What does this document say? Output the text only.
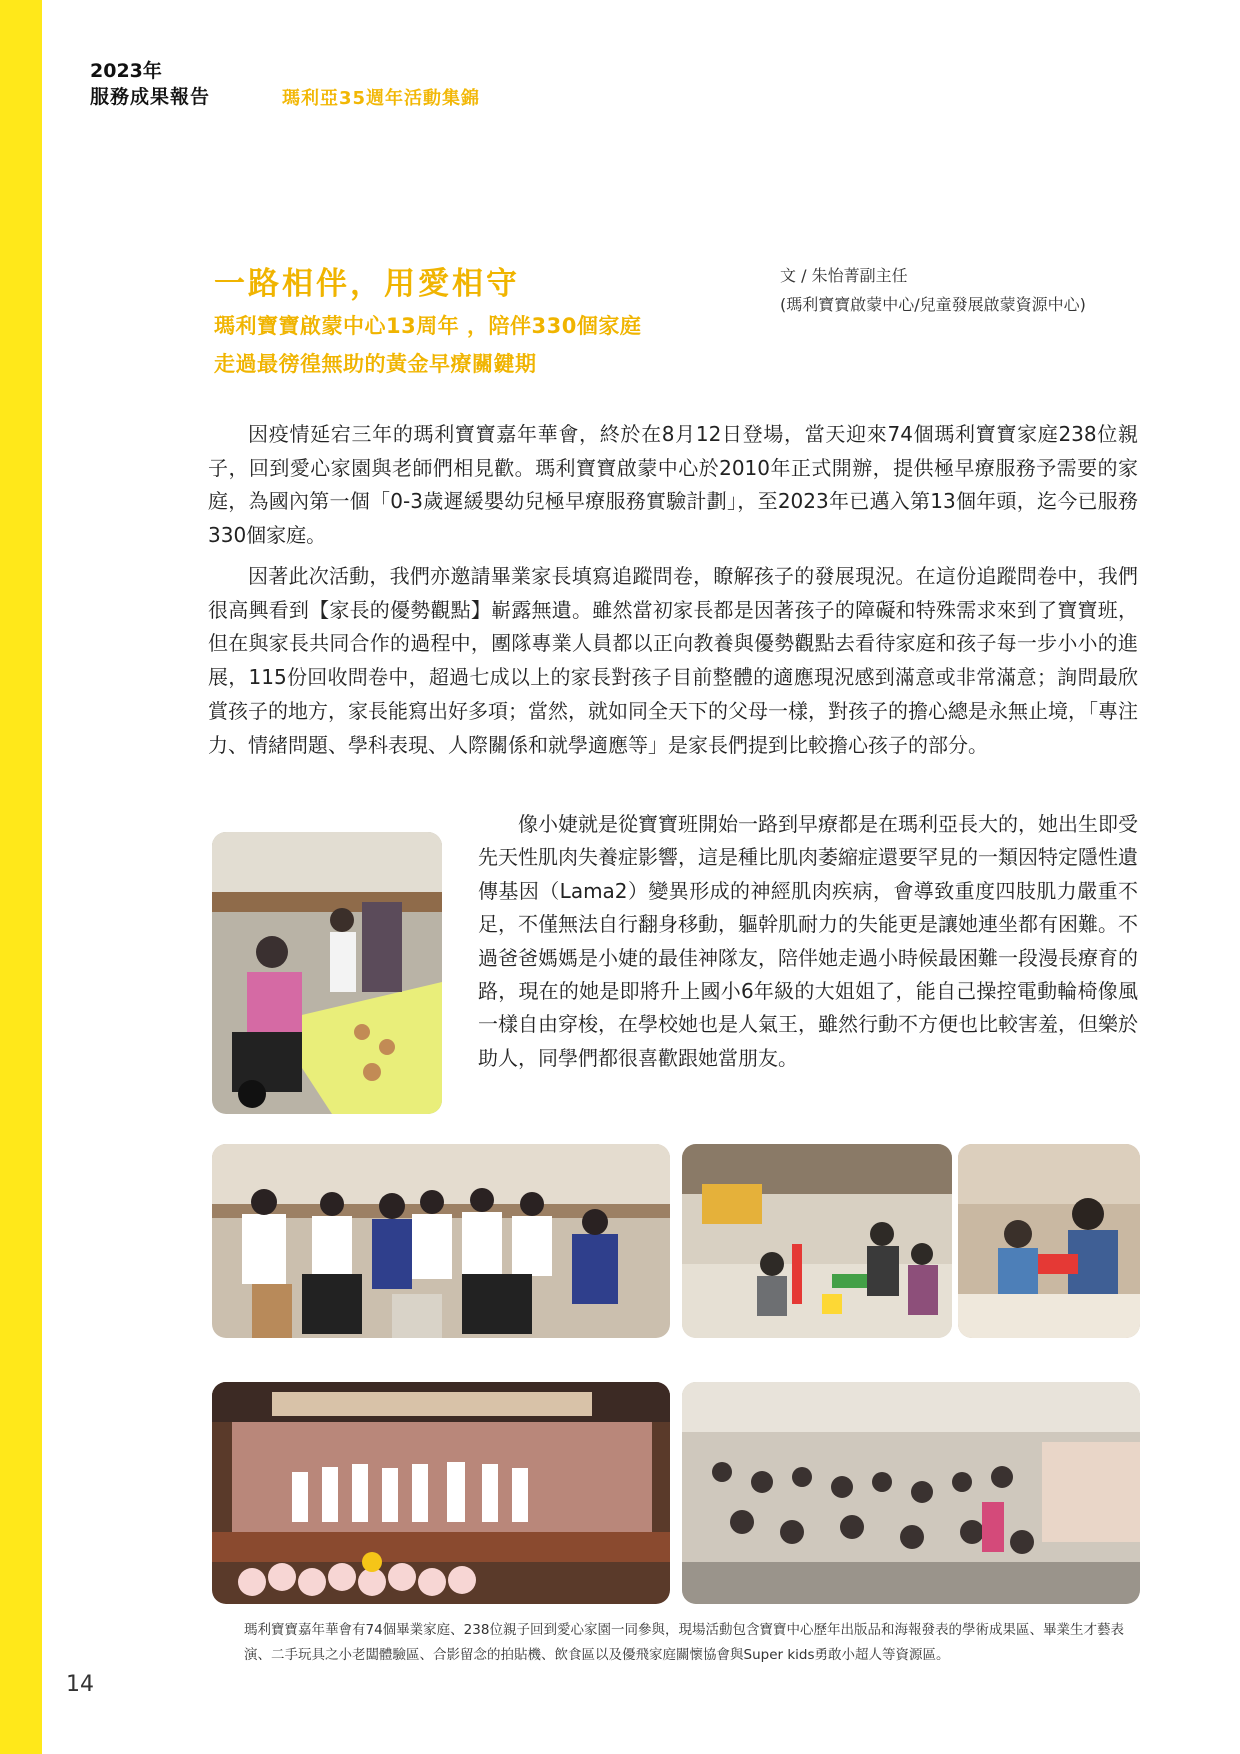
2023年
服務成果報告	瑪利亞35週年活動集錦
一路相伴，用愛相守
瑪利寶寶啟蒙中心13周年 ，陪伴330個家庭
走過最徬徨無助的黃金早療關鍵期
文 / 朱怡菁副主任
(瑪利寶寶啟蒙中心/兒童發展啟蒙資源中心)

因疫情延宕三年的瑪利寶寶嘉年華會，終於在8月12日登場，當天迎來74個瑪利寶寶家庭238位親子，回到愛心家園與老師們相見歡。瑪利寶寶啟蒙中心於2010年正式開辦，提供極早療服務予需要的家庭，為國內第一個「0-3歲遲緩嬰幼兒極早療服務實驗計劃」，至2023年已邁入第13個年頭，迄今已服務330個家庭。

因著此次活動，我們亦邀請畢業家長填寫追蹤問卷，瞭解孩子的發展現況。在這份追蹤問卷中，我們很高興看到【家長的優勢觀點】嶄露無遺。雖然當初家長都是因著孩子的障礙和特殊需求來到了寶寶班，但在與家長共同合作的過程中，團隊專業人員都以正向教養與優勢觀點去看待家庭和孩子每一步小小的進展，115份回收問卷中，超過七成以上的家長對孩子目前整體的適應現況感到滿意或非常滿意；詢問最欣賞孩子的地方，家長能寫出好多項；當然，就如同全天下的父母一樣，對孩子的擔心總是永無止境，「專注力、情緒問題、學科表現、人際關係和就學適應等」是家長們提到比較擔心孩子的部分。

像小婕就是從寶寶班開始一路到早療都是在瑪利亞長大的，她出生即受先天性肌肉失養症影響，這是種比肌肉萎縮症還要罕見的一類因特定隱性遺傳基因（Lama2）變異形成的神經肌肉疾病，會導致重度四肢肌力嚴重不足，不僅無法自行翻身移動，軀幹肌耐力的失能更是讓她連坐都有困難。不過爸爸媽媽是小婕的最佳神隊友，陪伴她走過小時候最困難一段漫長療育的路，現在的她是即將升上國小6年級的大姐姐了，能自己操控電動輪椅像風一樣自由穿梭，在學校她也是人氣王，雖然行動不方便也比較害羞，但樂於助人，同學們都很喜歡跟她當朋友。

瑪利寶寶嘉年華會有74個畢業家庭、238位親子回到愛心家園一同參與，現場活動包含寶寶中心歷年出版品和海報發表的學術成果區、畢業生才藝表演、二手玩具之小老闆體驗區、合影留念的拍貼機、飲食區以及優飛家庭關懷協會與Super kids勇敢小超人等資源區。

14
